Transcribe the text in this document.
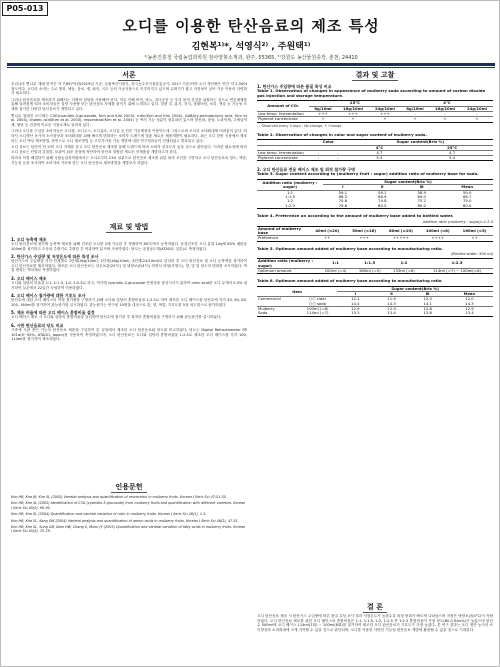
P05-013
오디를 이용한 탄산음료의 제조 특성
김현복¹⁾*, 석영식²⁾ , 주원택¹⁾
¹⁾농촌진흥청 국립농업과학원 잠사양봉소재과, 완주, 55365, ²⁾강원도 농산물원종장, 춘천, 24410
서론
우리나라 뽕나무 재배 면적은 약 7,697억원(2019년 기준, 농림축산식품부, 한국농수산식품유통공사, 2017 기준)이며 오디 생산량은 연간 약 2,500t 정도이다. 오디의 소비는 주로 생과, 냉동, 음료, 잼, 와인, 식초 등의 가공식품으로 이루어지고 있으며 수확기가 짧고 저장성이 낮아 가공 이용의 다양화가 필요하다.
그러나 탄산음료를 제조하기 위해서는 다량의 설탕을 사용해야 한다. 이로 인해 비만, 당뇨, 골다공증 등 우리 몸의 건강을 위협하는 것으로 연론매체를 통해 알려짐에 따라 소비자들은 설탕 사용량 또는 탄산음료 자체를 줄이기 위해 노력하고 있다. 한편 우, 휴지, 저지, 상황버섯, 보리, 생강 등 기능성 소재를 첨가한 다양한 탄산음료가 개발되고 있다.
뽕나무 열매인 오디에는 C3G(cyanidin-3-glucoside, Kim and Kim 2003), rutin(Kim and Kim 2004), GABA(γ-aminobutyric acid, Kim et al. 2004), linoleic acid(Kim et al. 2003), resveratrol(Kim et al. 2005) 등 여러 기능 성분이 함유되어 있으며 항산화, 항암, 노화억제, 고혈압억제, 혈당 등 건강에 이로운 식품소재로 알려져 있다.
그러나 오디를 구입한 소비자들은 오디잼, 오디주스, 오디효소, 오디술 등 단순 가공제품을 이용하는데 그침으로써 오디의 소비확대에 어려움이 있다. 따라서 오디생산 농가의 소득향상과 소비확대를 위해 빠르게 변화하는 소비자 트렌드에 맞춘 새로운 제품개발이 필요하다. 최근 오디 한번 식품에서 제조되는 오디 액상 제조방법, 한번으로 오디 제조방법 등 고부가가치 기술 개발에 대한 연구결과들이 진행되었고 발표되고 있다.
오디 음료는 탄산이 안 되어 오디 자체를 갖고 오디 탄산음료 제조를 통해 트렌드에 따라 소비자 선호도가 높을 것으로 판단된다. 이러한 필요성에 따라 오디 음료는 단맛과 감칠맛, 보관이 쉬운 장점에 착안하여 탄산과 결합한 새로운 신제품을 개발하고자 한다.
따라서 이를 해결하기 위해 국립농업과학원에서는 오디로부터 C3G 성분으로 탄산음료 제조를 위한 최적 조건을 구명하고 오디 탄산음료의 당도, 색깔, 기능성 등을 조사하여 소비자의 기호에 맞는 오디 탄산음료 제조방법을 개발코자 하였다.
재료 및 방법
1. 오디 농축액 제조
오디 탄산음료에 첨가할 농축액 제조를 위해 건조된 오디를 2배 가수한 후 착즙하여 80°C에서 농축하였다. 동결건조한 오디 분말 10g에 80% 메탄올 100ml를 첨가하고 초음파 추출기로 추출한 후 여과하여 분석에 사용하였다. 당도는 굴절당도계(ATAGO, 일본)로 측정하였다.
2. 탄산가스 주입량 및 저장온도에 따른 특성 조사
탄산가스의 주입량을 각각 단계별로 1단계(4kg/10ml), 2단계(16g/10ml), 3단계(24/10ml)로 달리한 후 오디 탄산음료 및 오디 농축액을 첨가하여 오디 탄산음료를 제조하였다. 제조된 오디 탄산음료는 상온보관(25°C) 및 냉장보관(4°C) 하면서 외형(투명도), 향, 맛 및 당도의 변화를 조사하였다. 색깔 변화는 색차계로 측정하였다.
3. 오디 베이스 제조
오디와 설탕의 비율을 1:1, 1:1.5, 1:2, 1:2.5로 하고, 여기에 cyanidin-3-glucoside 안정성을 향상시키기 위하여 citric acid를 오디 무게의 0.3% 첨가하여 실온에서 22일간 숙성하여 이용하였다.
4. 오디 베이스 첨가량에 대한 기호도 조사
탄산수에 대한 오디 베이스의 적정 첨가량을 구명하기 위해 오디와 설탕의 혼합비율을 1:2.5로 하여 제조한 오디 베이스를 탄산수에 각각 40, 60, 80, 100, 160ml를 첨가하여 관능평가를 실시하였다. 관능평가는 연구원 10명을 대상으로 맛, 향, 색깔, 기호도를 5점 척도법으로 평가하였다.
5. 제조 비율에 따른 오디 베이스 혼합비율 설정
오디 베이스 제조 시 오디와 설탕의 혼합비율을 달리하여 탄산수에 첨가한 후 최적의 혼합비율을 구명하기 위해 관능평가를 실시하였다.
6. 시판 탄산음료의 당도 비교
시중에 시판 중인 기능성 탄산음료 제품을 구입하여 본 실험에서 제조한 오디 탄산음료와 당도를 비교하였다. 당도는 Digital Refractometer PR 101α(0~45%, ATAGO, Japan)를 사용하여 측정하였으며, 오디 탄산음료는 오디와 설탕의 혼합비율을 1:2.5로 제조한 오디 베이스를 각각 100, 114ml를 첨가하여 제조하였다.
인용문헌
Kim HB, Kim JB, Kim SL (2005) Varietal analysis and quantification of resveratrol in mulberry fruits. Korean J Seric Sci 47:51-55.
Kim HB, Kim SL (2003) Identification of C3G (cyanidin-3-glucoside) from mulberry fruits and quantification with different varieties. Korean J Seric Sci 45(2), 90-95.
Kim HB, Kim SL (2004) Quantification and varietal variation of rutin in mulberry fruits. Korean J Seric Sci 46(1), 1-5.
Kim HB, Kim SL, Kang SW (2004) Varietal analysis and quantification of amino acids in mulberry fruits. Korean J Seric Sci 46(2), 47-51.
Kim HB, Kim SL, Sung GB, Nam HW, Chang S, Moon JY (2003) Quantification and varietal variation of fatty acids in mulberry fruits. Korean J Seric Sci 45(2), 75-79.
결과 및 고찰
1. 탄산가스 주입량에 따른 품질 특성 비교
Table 1. Observation of changes in appearance of mulberry soda according to amount of carbon dioxide gas injection and storage temperature.
Amount of CO₂	25°C			4°C		
	8g/10ml	16g/10ml	24g/10ml	8g/10ml	16g/10ml	24g/10ml
Low temp. fermentation	+++	+++	+++	-	-	-
Pigment concentrate	+	+	+	+	+	+
- : Observed every 3 days : No change, + Change
Table 2. Observation of changes in color and sugar content of mulberry soda.
	Color		Sugar content(Brix %)	
			4°C	25°C
Low temp. fermentation	-	-	4.7	4.7
Pigment concentrate	-	-	5.4	5.4
2. 오디 탄산음료 전용 베이스 제조 및 최적 첨가량 구명
Table 3. Sugar content according to (mulberry fruit : sugar) addition ratio of mulberry base for soda.
Addition ratio (mulberry : sugar)	Sugar content(Brix %)			
	Ⅰ	Ⅱ	Ⅲ	Mean
1:1	59.1	59.1	58.9	59.0
1:1.5	68.3	68.9	69.0	68.7
1:2	70.8	74.8	75.2	75.0
1:2.5	79.6	80.5	80.0	80.0
Table 4. Preference on according to the amount of mulberry base added to bottled water.
Addition ratio (mulberry : sugar)=1:2.5
Amount of mulberry base	40ml (=20)	50ml (=16)	80ml (=10)	100ml (=8)	160ml (=5)
Preference	++	+++	+++++	++++	++
Table 5. Optimum amount added of mulberry base according to manufacturing ratio.
(Bottled water: 500 ml)
Addition ratio (mulberry : sugar)	1:1	1:1.5	1:2	1:2.5
Optimum amount	200ml (=4)	160ml (=5)	133ml (=6)	114ml (=7) ~ 100ml(=8)
Table 6. Optimum amount added of mulberry base according to manufacturing ratio
Item		Sugar content(Brix %)			
		Ⅰ	Ⅱ	Ⅲ	Mean
Commercial	○○ cidar	12.1	11.9	12.0	12.0
	○○ soda	14.4	14.3	14.1	14.3
Mulberry	100ml (=8)	12.9	12.9	12.8	12.9
Soda	114ml (=7)	13.3	13.4	13.6	13.4
결 론
오디 탄산음료 제조 시 탄산가스 주입량에 따른 품질 특성 조사 결과 저장온도가 높을수록 외형 변화가 빠르게 나타났으며 저장은 냉장보관(4°C)이 적합하였다. 오디 탄산음료 제조를 위한 오디 베이스의 혼합비율은 1:1, 1:1.5, 1:2, 1:2.5 중 1:2.5 혼합비율이 가장 당도(80.0 Brix%)가 높았으며 탄산수 500ml에 오디 베이스 114ml(7회) ~ 100ml(8회)를 첨가하여 제조한 오디 탄산음료가 기호도가 가장 높았다. 본 연구 결과는 오디 생산 농가의 소득향상과 소비확대에 크게 기여할 수 있을 것으로 판단되며, 오디를 이용한 다양한 기능성 탄산음료 개발에 활용될 수 있을 것으로 기대된다.
